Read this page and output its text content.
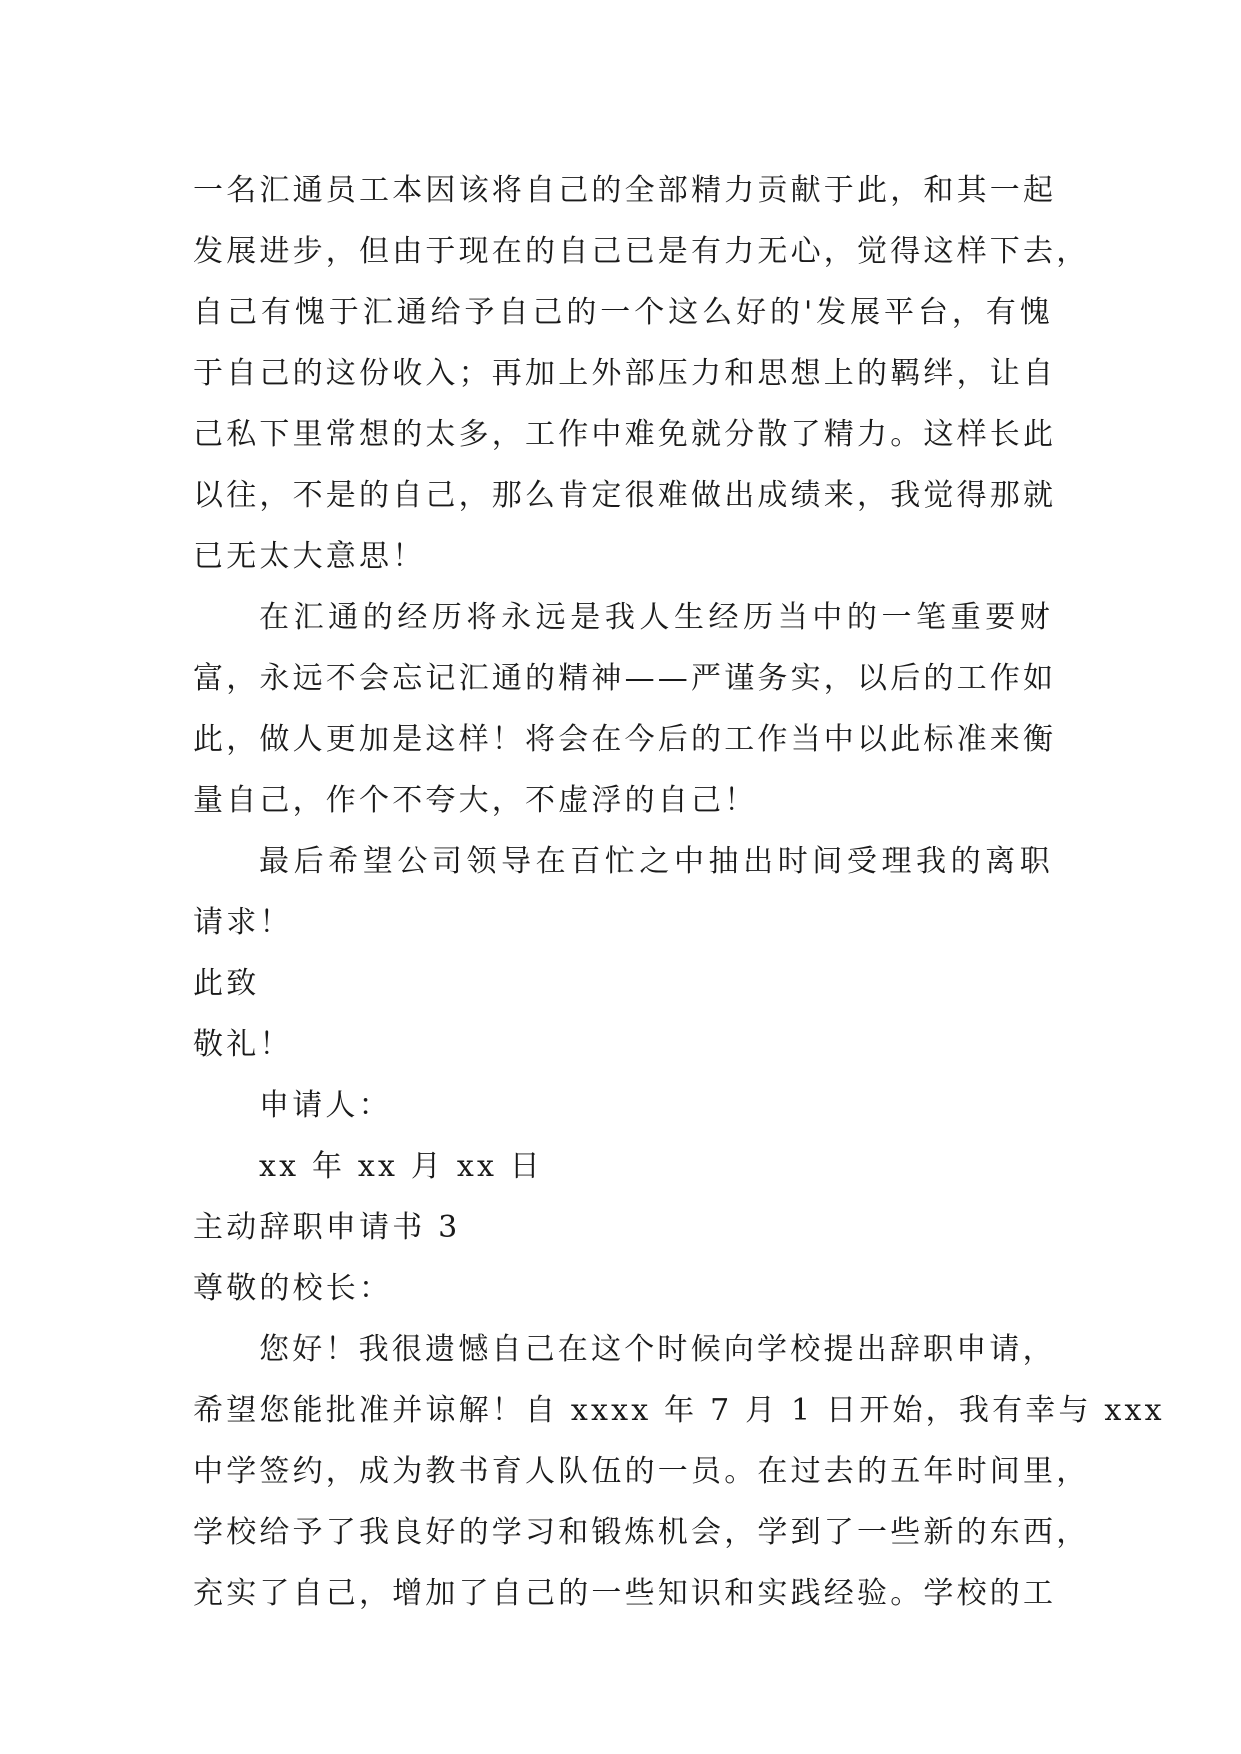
一名汇通员工本因该将自己的全部精力贡献于此，和其一起
发展进步，但由于现在的自己已是有力无心，觉得这样下去，
自己有愧于汇通给予自己的一个这么好的'发展平台，有愧
于自己的这份收入；再加上外部压力和思想上的羁绊，让自
己私下里常想的太多，工作中难免就分散了精力。这样长此
以往，不是的自己，那么肯定很难做出成绩来，我觉得那就
已无太大意思！
在汇通的经历将永远是我人生经历当中的一笔重要财
富，永远不会忘记汇通的精神——严谨务实，以后的工作如
此，做人更加是这样！将会在今后的工作当中以此标准来衡
量自己，作个不夸大，不虚浮的自己！
最后希望公司领导在百忙之中抽出时间受理我的离职
请求！
此致
敬礼！
申请人：
xx 年 xx 月 xx 日
主动辞职申请书 3
尊敬的校长：
您好！我很遗憾自己在这个时候向学校提出辞职申请，
希望您能批准并谅解！自 xxxx 年 7 月 1 日开始，我有幸与 xxx
中学签约，成为教书育人队伍的一员。在过去的五年时间里，
学校给予了我良好的学习和锻炼机会，学到了一些新的东西，
充实了自己，增加了自己的一些知识和实践经验。学校的工
